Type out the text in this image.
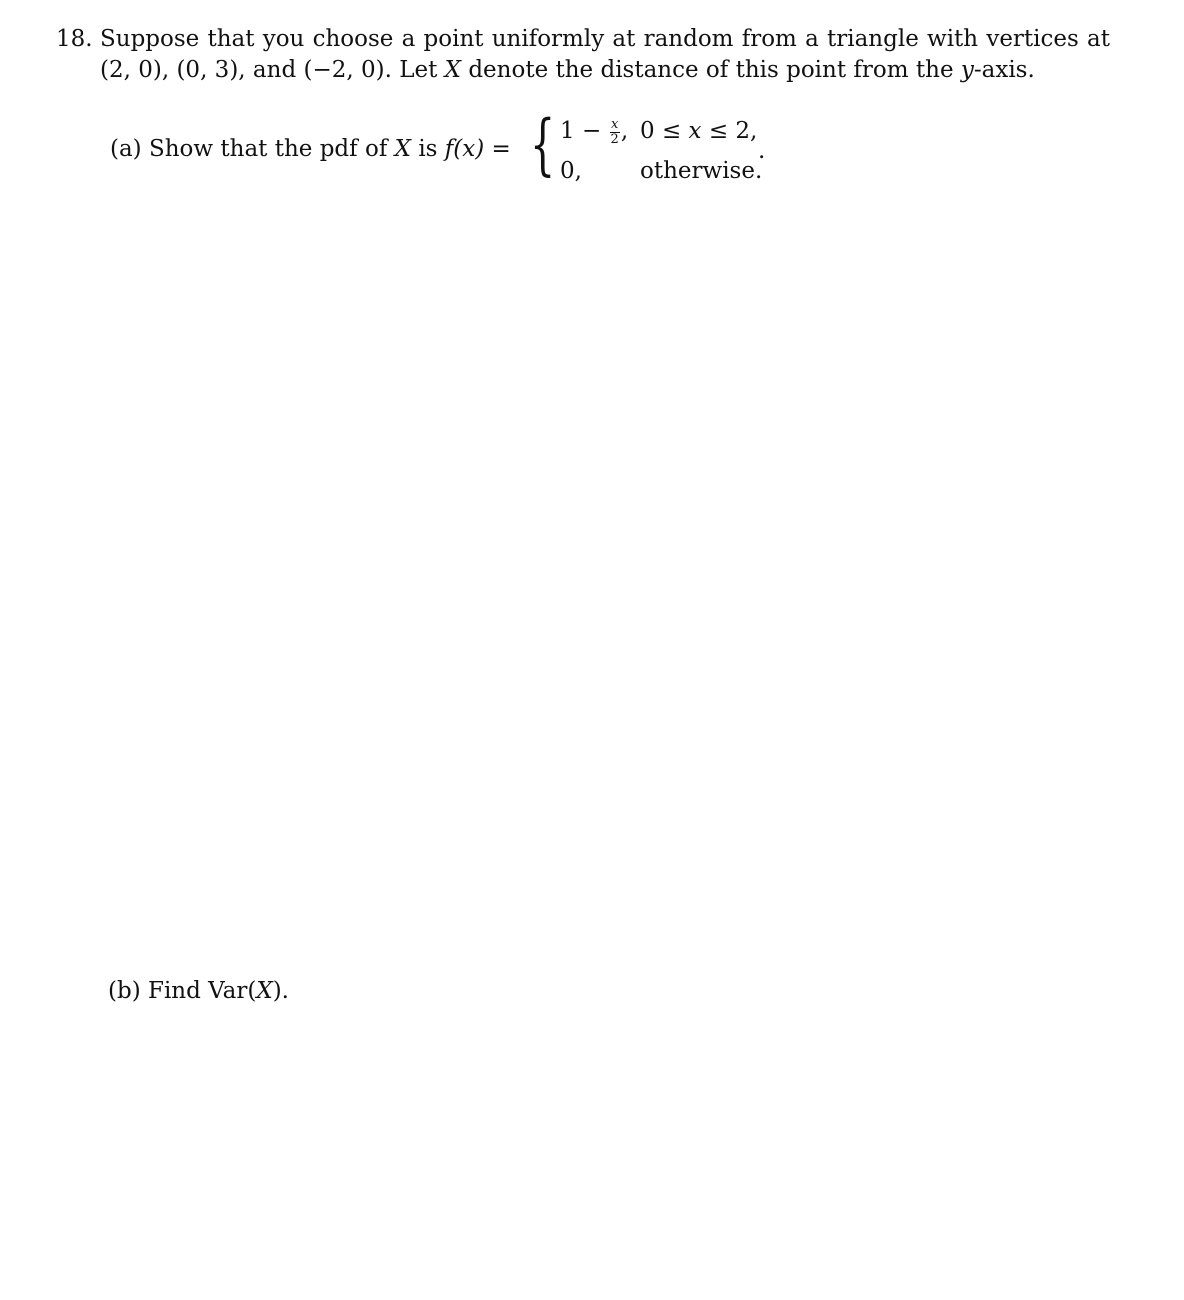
18. Suppose that you choose a point uniformly at random from a triangle with vertices at
(2, 0), (0, 3), and (−2, 0). Let X denote the distance of this point from the y-axis.
(a) Show that the pdf of X is f(x) = { $1 - \frac{x}{2}$ , 0 ≤ x ≤ 2,
0,	otherwise.
.
(b) Find Var(X).
